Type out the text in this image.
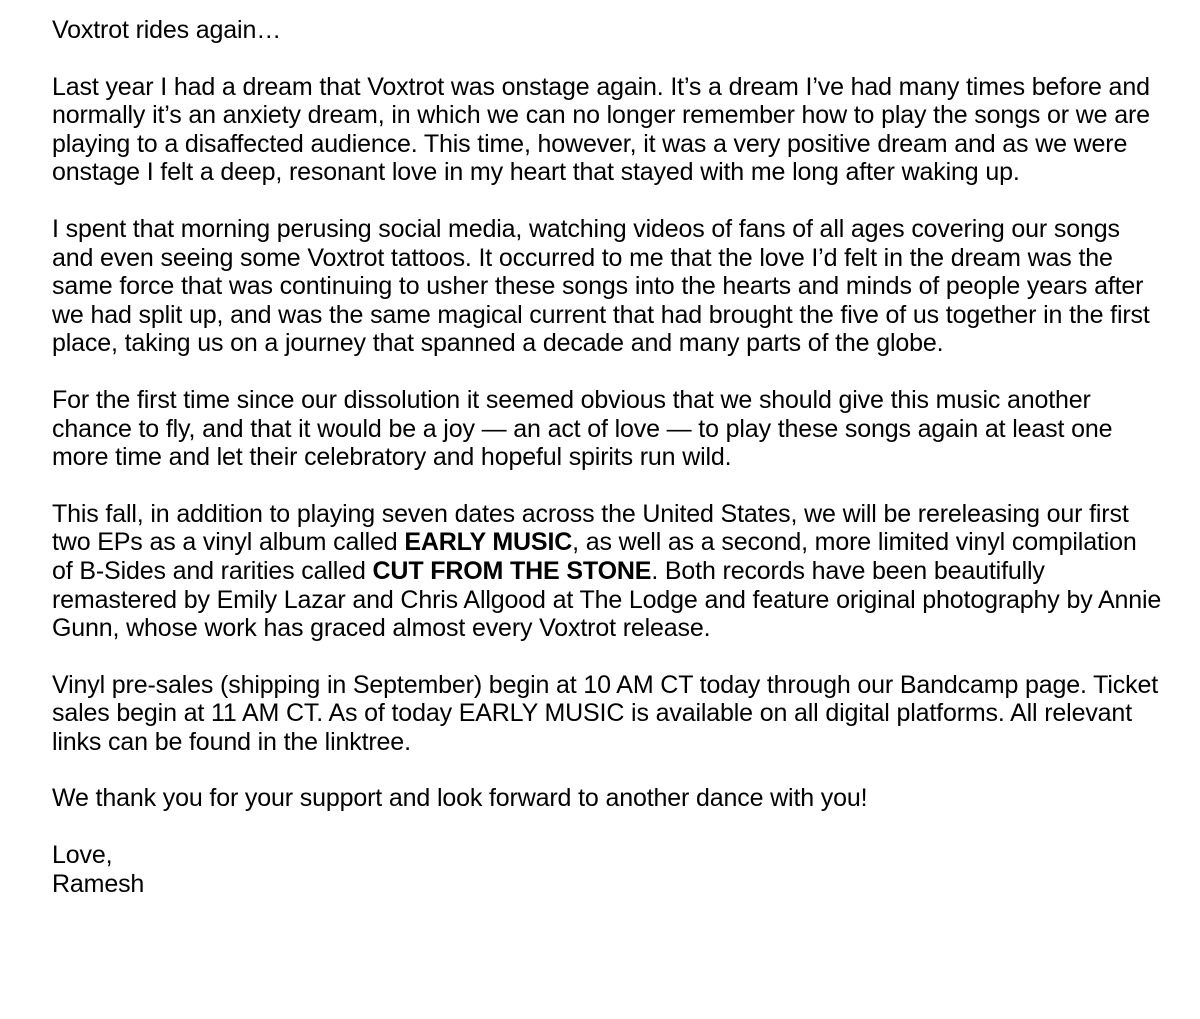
Voxtrot rides again…

Last year I had a dream that Voxtrot was onstage again. It’s a dream I’ve had many times before and normally it’s an anxiety dream, in which we can no longer remember how to play the songs or we are playing to a disaffected audience. This time, however, it was a very positive dream and as we were onstage I felt a deep, resonant love in my heart that stayed with me long after waking up.

I spent that morning perusing social media, watching videos of fans of all ages covering our songs and even seeing some Voxtrot tattoos. It occurred to me that the love I’d felt in the dream was the same force that was continuing to usher these songs into the hearts and minds of people years after we had split up, and was the same magical current that had brought the five of us together in the first place, taking us on a journey that spanned a decade and many parts of the globe.

For the first time since our dissolution it seemed obvious that we should give this music another chance to fly, and that it would be a joy — an act of love — to play these songs again at least one more time and let their celebratory and hopeful spirits run wild.

This fall, in addition to playing seven dates across the United States, we will be rereleasing our first two EPs as a vinyl album called EARLY MUSIC, as well as a second, more limited vinyl compilation of B-Sides and rarities called CUT FROM THE STONE. Both records have been beautifully remastered by Emily Lazar and Chris Allgood at The Lodge and feature original photography by Annie Gunn, whose work has graced almost every Voxtrot release.

Vinyl pre-sales (shipping in September) begin at 10 AM CT today through our Bandcamp page. Ticket sales begin at 11 AM CT. As of today EARLY MUSIC is available on all digital platforms. All relevant links can be found in the linktree.

We thank you for your support and look forward to another dance with you!

Love,

Ramesh
